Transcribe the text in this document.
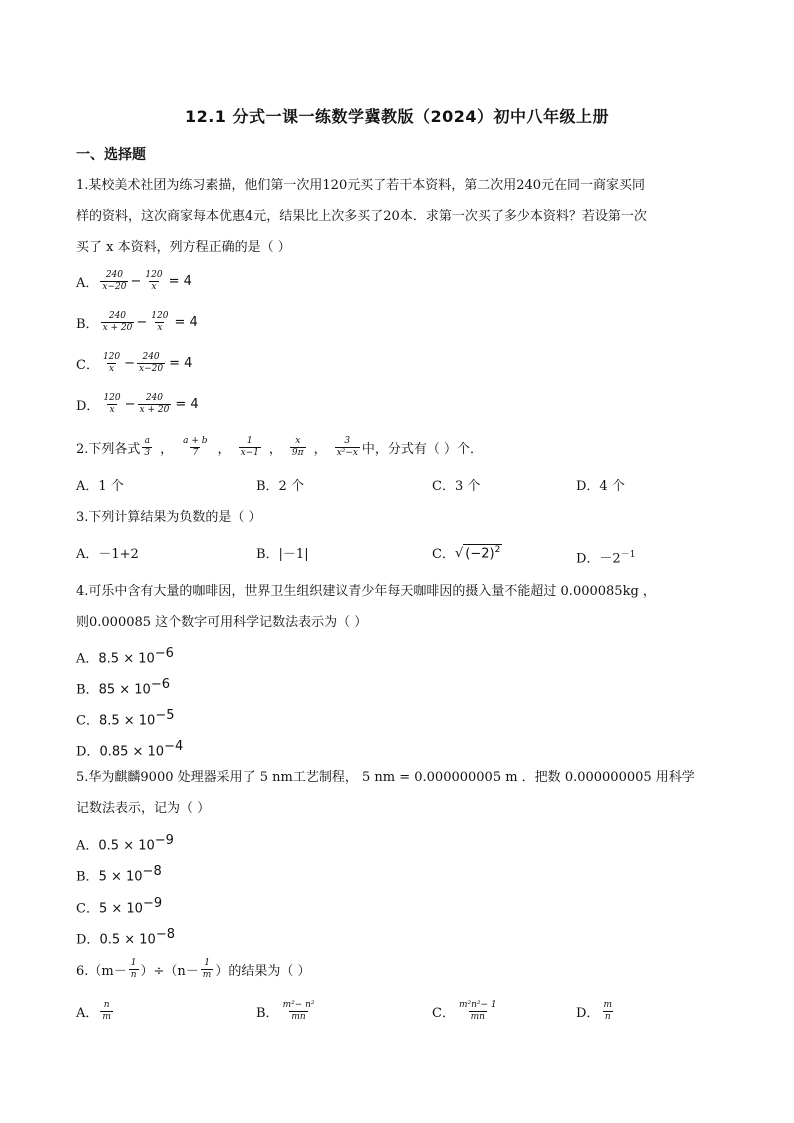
12.1 分式一课一练数学冀教版（2024）初中八年级上册
一、选择题
1.某校美术社团为练习素描，他们第一次用120元买了若干本资料，第二次用240元在同一商家买同
样的资料，这次商家每本优惠4元，结果比上次多买了20本．求第一次买了多少本资料？若设第一次
买了 x 本资料，列方程正确的是（ ）
A． $\frac{240}{x-20} - \frac{120}{x} = 4$
B． $\frac{240}{x + 20} - \frac{120}{x} = 4$
C． $\frac{120}{x} - \frac{240}{x-20} = 4$
D． $\frac{120}{x} - \frac{240}{x + 20} = 4$
2.下列各式 $\frac{a}{3}$ ， $\frac{a + b}{7}$ ， $\frac{1}{x-1}$ ， $\frac{x}{9\pi}$ ， $\frac{3}{\text{x²−x}}$ 中，分式有（ ）个．
A．1 个	B．2 个	C．3 个	D．4 个
3.下列计算结果为负数的是（ ）
A．－1+2	B．|－1|	C． √ $(-2)^2$
D．$-2^{-1}$
4.可乐中含有大量的咖啡因，世界卫生组织建议青少年每天咖啡因的摄入量不能超过 0.000085kg ，
则0.000085 这个数字可用科学记数法表示为（ ）
A．$8.5 \times 10^{-6}$
B．$85 \times 10^{-6}$
C．$8.5 \times 10^{-5}$
D．$0.85 \times 10^{-4}$
5.华为麒麟9000 处理器采用了 5 nm工艺制程， 5 nm = 0.000000005 m ．把数 0.000000005 用科学
记数法表示，记为（ ）
A．$0.5 \times 10^{-9}$
B．$5 \times 10^{-8}$
C．$5 \times 10^{-9}$
D．$0.5 \times 10^{-8}$
$6.(m- \frac{1}{n} )\div(n- \frac{1}{m}$ ）的结果为（ ）
A． $\frac{n}{m}$	B． $\frac{\text{m²− n²}}{mn}$	C． $\frac{\text{m²n²− 1}}{mn}$	D． $\frac{m}{n}$
